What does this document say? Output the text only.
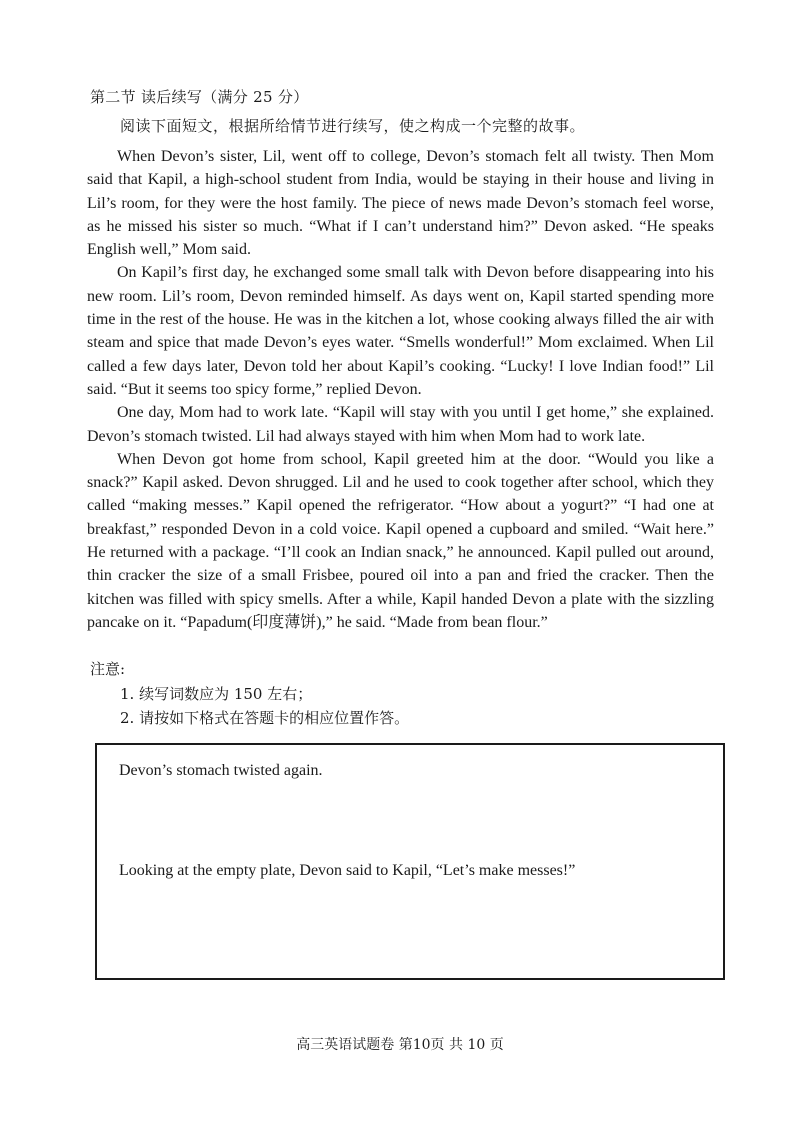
第二节 读后续写（满分 25 分）
阅读下面短文，根据所给情节进行续写，使之构成一个完整的故事。

When Devon’s sister, Lil, went off to college, Devon’s stomach felt all twisty. Then Mom said that Kapil, a high-school student from India, would be staying in their house and living in Lil’s room, for they were the host family. The piece of news made Devon’s stomach feel worse, as he missed his sister so much. “What if I can’t understand him?” Devon asked. “He speaks English well,” Mom said.

On Kapil’s first day, he exchanged some small talk with Devon before disappearing into his new room. Lil’s room, Devon reminded himself. As days went on, Kapil started spending more time in the rest of the house. He was in the kitchen a lot, whose cooking always filled the air with steam and spice that made Devon’s eyes water. “Smells wonderful!” Mom exclaimed. When Lil called a few days later, Devon told her about Kapil’s cooking. “Lucky! I love Indian food!” Lil said. “But it seems too spicy forme,” replied Devon.

One day, Mom had to work late. “Kapil will stay with you until I get home,” she explained. Devon’s stomach twisted. Lil had always stayed with him when Mom had to work late.

When Devon got home from school, Kapil greeted him at the door. “Would you like a snack?” Kapil asked. Devon shrugged. Lil and he used to cook together after school, which they called “making messes.” Kapil opened the refrigerator. “How about a yogurt?” “I had one at breakfast,” responded Devon in a cold voice. Kapil opened a cupboard and smiled. “Wait here.” He returned with a package. “I’ll cook an Indian snack,” he announced. Kapil pulled out around, thin cracker the size of a small Frisbee, poured oil into a pan and fried the cracker. Then the kitchen was filled with spicy smells. After a while, Kapil handed Devon a plate with the sizzling pancake on it. “Papadum(印度薄饼),” he said. “Made from bean flour.”

注意:
1. 续写词数应为 150 左右；
2. 请按如下格式在答题卡的相应位置作答。
Devon’s stomach twisted again.
Looking at the empty plate, Devon said to Kapil, “Let’s make messes!”
高三英语试题卷 第10页 共 10 页
